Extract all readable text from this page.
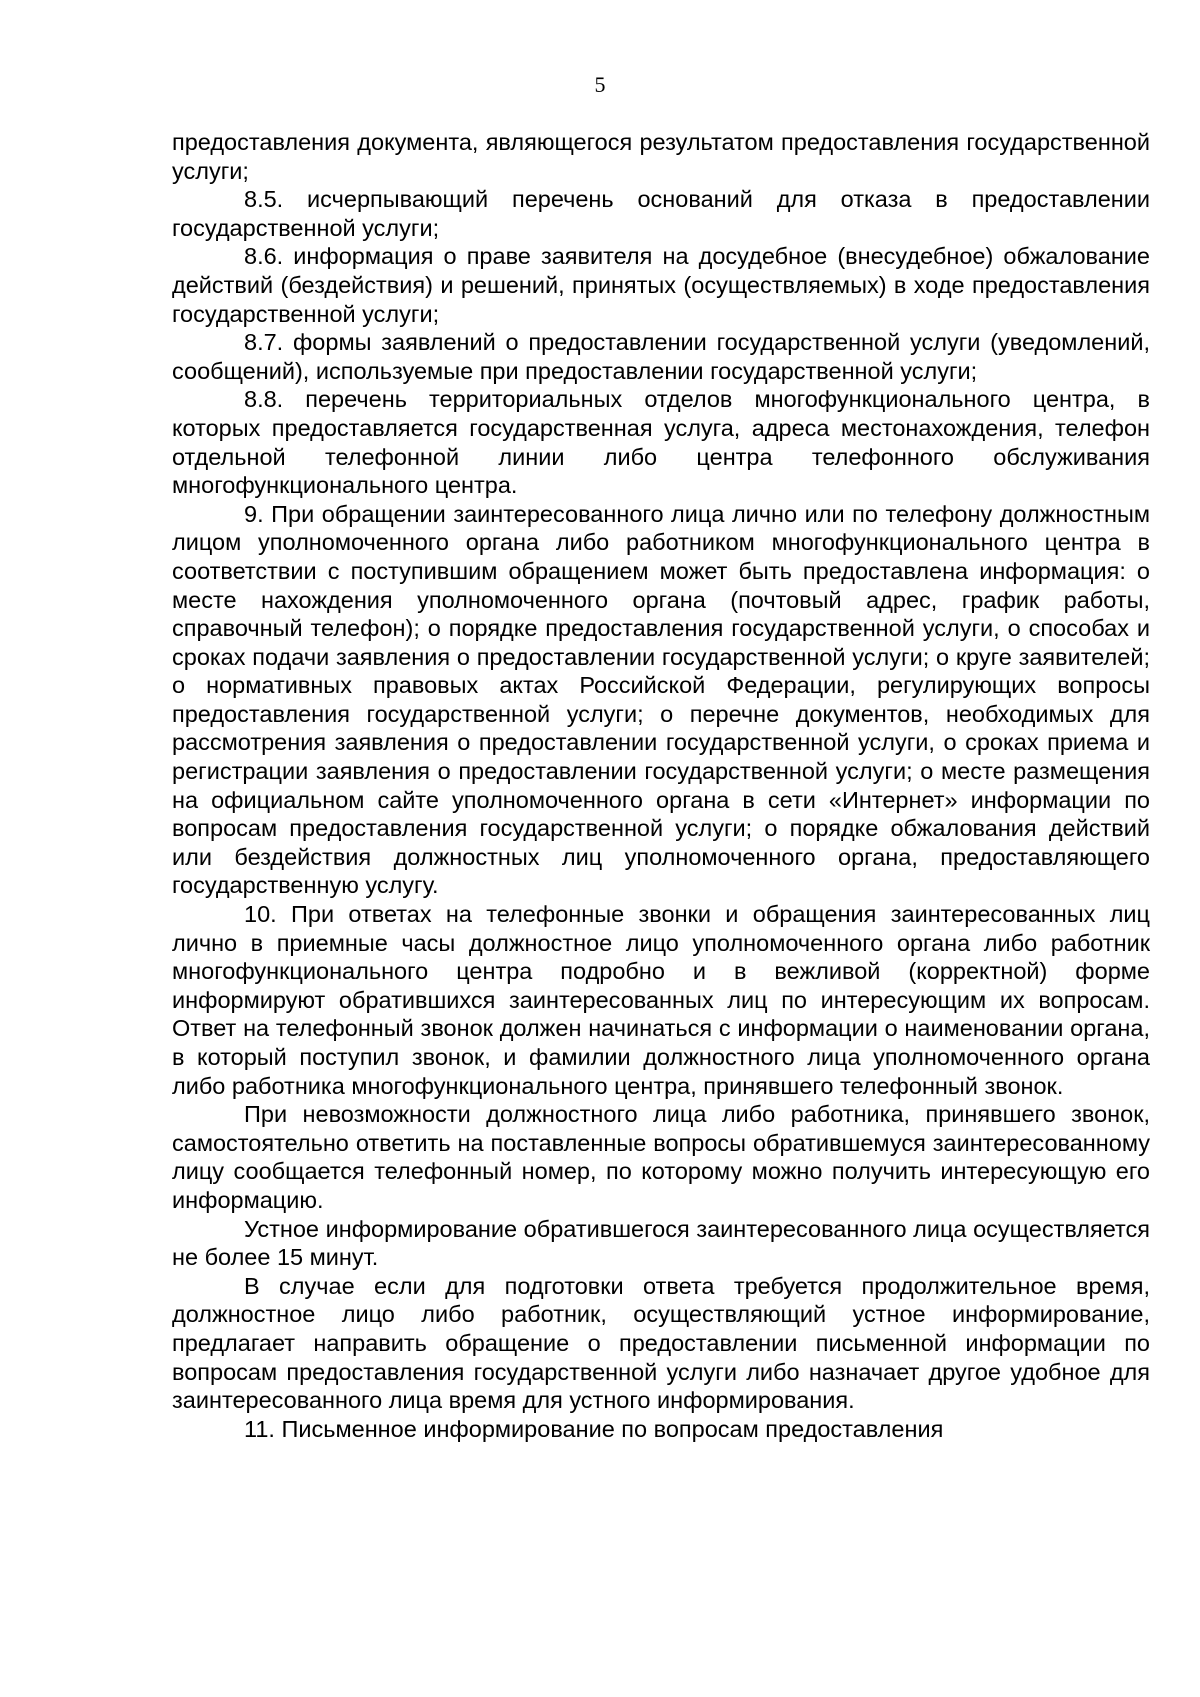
5

предоставления документа, являющегося результатом предоставления государственной услуги;

8.5. исчерпывающий перечень оснований для отказа в предоставлении государственной услуги;

8.6. информация о праве заявителя на досудебное (внесудебное) обжалование действий (бездействия) и решений, принятых (осуществляемых) в ходе предоставления государственной услуги;

8.7. формы заявлений о предоставлении государственной услуги (уведомлений, сообщений), используемые при предоставлении государственной услуги;

8.8. перечень территориальных отделов многофункционального центра, в которых предоставляется государственная услуга, адреса местонахождения, телефон отдельной телефонной линии либо центра телефонного обслуживания многофункционального центра.

9. При обращении заинтересованного лица лично или по телефону должностным лицом уполномоченного органа либо работником многофункционального центра в соответствии с поступившим обращением может быть предоставлена информация: о месте нахождения уполномоченного органа (почтовый адрес, график работы, справочный телефон); о порядке предоставления государственной услуги, о способах и сроках подачи заявления о предоставлении государственной услуги; о круге заявителей; о нормативных правовых актах Российской Федерации, регулирующих вопросы предоставления государственной услуги; о перечне документов, необходимых для рассмотрения заявления о предоставлении государственной услуги, о сроках приема и регистрации заявления о предоставлении государственной услуги; о месте размещения на официальном сайте уполномоченного органа в сети «Интернет» информации по вопросам предоставления государственной услуги; о порядке обжалования действий или бездействия должностных лиц уполномоченного органа, предоставляющего государственную услугу.

10. При ответах на телефонные звонки и обращения заинтересованных лиц лично в приемные часы должностное лицо уполномоченного органа либо работник многофункционального центра подробно и в вежливой (корректной) форме информируют обратившихся заинтересованных лиц по интересующим их вопросам. Ответ на телефонный звонок должен начинаться с информации о наименовании органа, в который поступил звонок, и фамилии должностного лица уполномоченного органа либо работника многофункционального центра, принявшего телефонный звонок.

При невозможности должностного лица либо работника, принявшего звонок, самостоятельно ответить на поставленные вопросы обратившемуся заинтересованному лицу сообщается телефонный номер, по которому можно получить интересующую его информацию.

Устное информирование обратившегося заинтересованного лица осуществляется не более 15 минут.

В случае если для подготовки ответа требуется продолжительное время, должностное лицо либо работник, осуществляющий устное информирование, предлагает направить обращение о предоставлении письменной информации по вопросам предоставления государственной услуги либо назначает другое удобное для заинтересованного лица время для устного информирования.

11. Письменное информирование по вопросам предоставления
